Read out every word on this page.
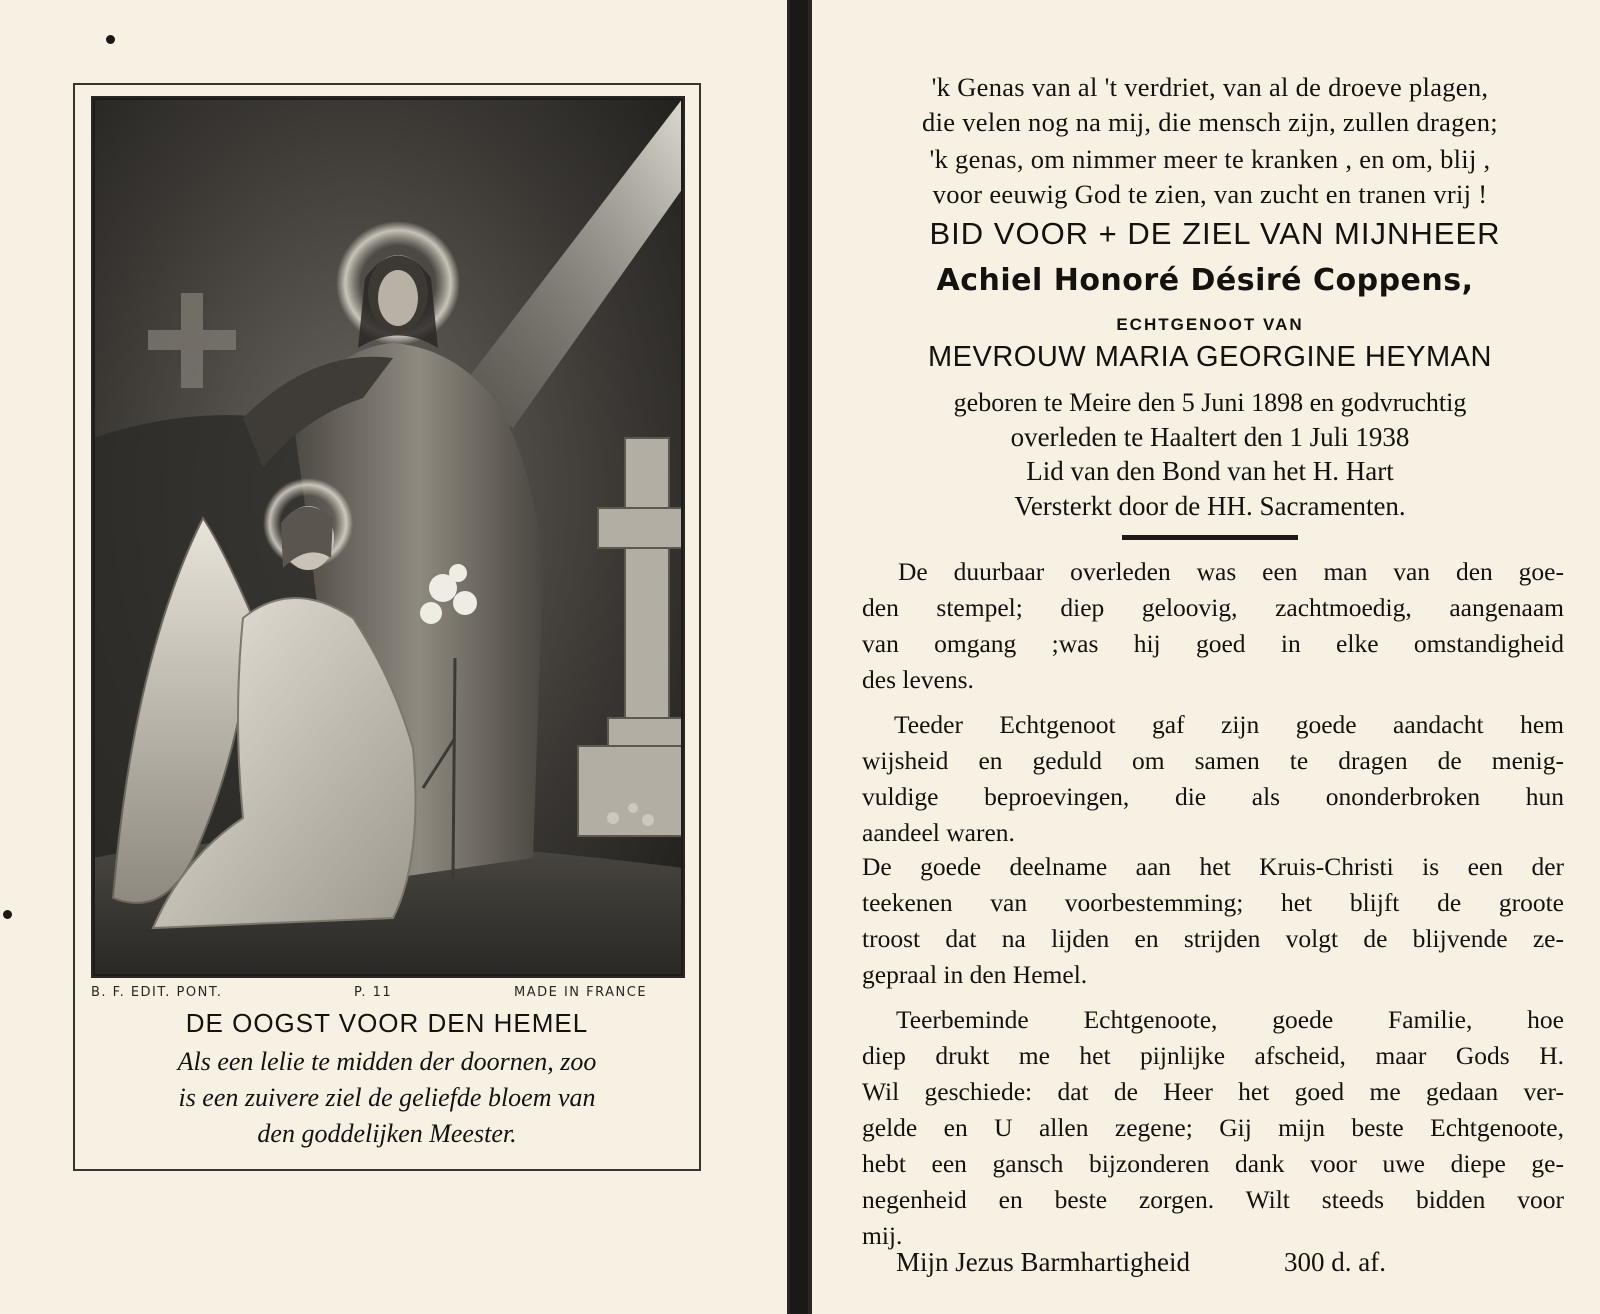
B. F. EDIT. PONT.	P. 11	MADE IN FRANCE
DE OOGST VOOR DEN HEMEL
Als een lelie te midden der doornen, zoo
is een zuivere ziel de geliefde bloem van
den goddelijken Meester.
'k Genas van al 't verdriet, van al de droeve plagen,
die velen nog na mij, die mensch zijn, zullen dragen;
'k genas, om nimmer meer te kranken , en om, blij ,
voor eeuwig God te zien, van zucht en tranen vrij !
BID VOOR + DE ZIEL VAN MIJNHEER
Achiel Honoré Désiré Coppens,
ECHTGENOOT VAN
MEVROUW MARIA GEORGINE HEYMAN
geboren te Meire den 5 Juni 1898 en godvruchtig
overleden te Haaltert den 1 Juli 1938
Lid van den Bond van het H. Hart
Versterkt door de HH. Sacramenten.
De duurbaar overleden was een man van den goe-
den stempel; diep geloovig, zachtmoedig, aangenaam
van omgang ;was hij goed in elke omstandigheid
des levens.
Teeder Echtgenoot gaf zijn goede aandacht hem
wijsheid en geduld om samen te dragen de menig-
vuldige beproevingen, die als ononderbroken hun
aandeel waren.
De goede deelname aan het Kruis-Christi is een der
teekenen van voorbestemming; het blijft de groote
troost dat na lijden en strijden volgt de blijvende ze-
gepraal in den Hemel.
Teerbeminde Echtgenoote, goede Familie, hoe
diep drukt me het pijnlijke afscheid, maar Gods H.
Wil geschiede: dat de Heer het goed me gedaan ver-
gelde en U allen zegene; Gij mijn beste Echtgenoote,
hebt een gansch bijzonderen dank voor uwe diepe ge-
negenheid en beste zorgen. Wilt steeds bidden voor
mij.
Mijn Jezus Barmhartigheid	300 d. af.
